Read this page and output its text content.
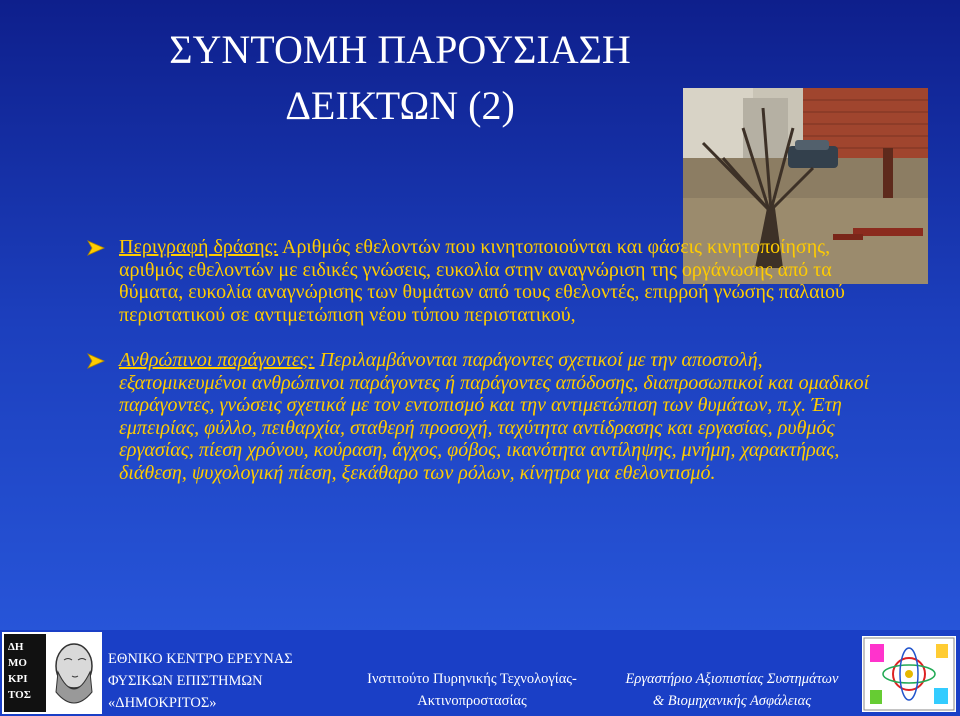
ΣΥΝΤΟΜΗ ΠΑΡΟΥΣΙΑΣΗ
ΔΕΙΚΤΩΝ (2)
Περιγραφή δράσης: Αριθμός εθελοντών που κινητοποιούνται και φάσεις κινητοποίησης, αριθμός εθελοντών με ειδικές γνώσεις, ευκολία στην αναγνώριση της οργάνωσης από τα θύματα, ευκολία αναγνώρισης των θυμάτων από τους εθελοντές, επιρροή γνώσης παλαιού περιστατικού σε αντιμετώπιση νέου τύπου περιστατικού,
Ανθρώπινοι παράγοντες: Περιλαμβάνονται παράγοντες σχετικοί με την αποστολή, εξατομικευμένοι ανθρώπινοι παράγοντες ή παράγοντες απόδοσης, διαπροσωπικοί και ομαδικοί παράγοντες, γνώσεις σχετικά με τον εντοπισμό και την αντιμετώπιση των θυμάτων, π.χ. Έτη εμπειρίας, φύλλο, πειθαρχία, σταθερή προσοχή, ταχύτητα αντίδρασης και εργασίας, ρυθμός εργασίας, πίεση χρόνου, κούραση, άγχος, φόβος, ικανότητα αντίληψης, μνήμη, χαρακτήρας, διάθεση, ψυχολογική πίεση, ξεκάθαρο των ρόλων, κίνητρα για εθελοντισμό.
ΔΗ
ΜΟ
ΚΡΙ
ΤΟΣ
ΕΘΝΙΚΟ ΚΕΝΤΡΟ ΕΡΕΥΝΑΣ
ΦΥΣΙΚΩΝ ΕΠΙΣΤΗΜΩΝ
«ΔΗΜΟΚΡΙΤΟΣ»
Ινστιτούτο Πυρηνικής Τεχνολογίας-
Ακτινοπροστασίας
Εργαστήριο Αξιοπιστίας Συστημάτων
& Βιομηχανικής Ασφάλειας
